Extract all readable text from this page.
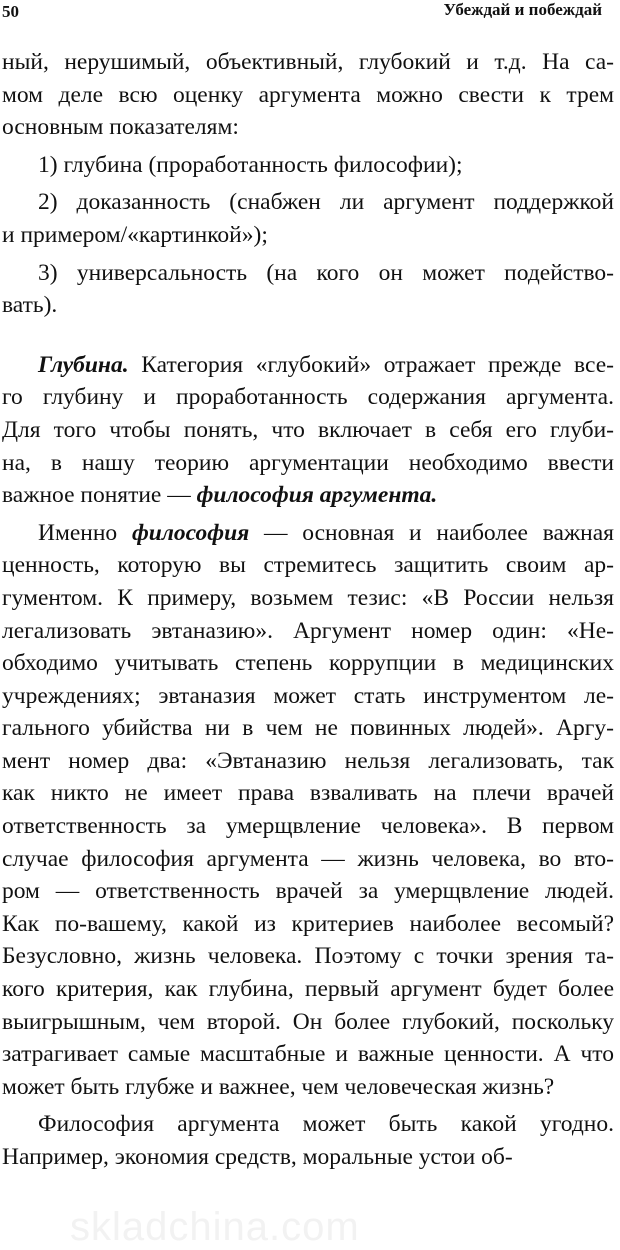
50	Убеждай и побеждай
ный, нерушимый, объективный, глубокий и т.д. На са-
мом деле всю оценку аргумента можно свести к трем
основным показателям:
1) глубина (проработанность философии);
2) доказанность (снабжен ли аргумент поддержкой
и примером/«картинкой»);
3) универсальность (на кого он может подейство-
вать).
Глубина. Категория «глубокий» отражает прежде все-
го глубину и проработанность содержания аргумента.
Для того чтобы понять, что включает в себя его глуби-
на, в нашу теорию аргументации необходимо ввести
важное понятие — философия аргумента.
Именно философия — основная и наиболее важная
ценность, которую вы стремитесь защитить своим ар-
гументом. К примеру, возьмем тезис: «В России нельзя
легализовать эвтаназию». Аргумент номер один: «Не-
обходимо учитывать степень коррупции в медицинских
учреждениях; эвтаназия может стать инструментом ле-
гального убийства ни в чем не повинных людей». Аргу-
мент номер два: «Эвтаназию нельзя легализовать, так
как никто не имеет права взваливать на плечи врачей
ответственность за умерщвление человека». В первом
случае философия аргумента — жизнь человека, во вто-
ром — ответственность врачей за умерщвление людей.
Как по-вашему, какой из критериев наиболее весомый?
Безусловно, жизнь человека. Поэтому с точки зрения та-
кого критерия, как глубина, первый аргумент будет более
выигрышным, чем второй. Он более глубокий, поскольку
затрагивает самые масштабные и важные ценности. А что
может быть глубже и важнее, чем человеческая жизнь?
Философия аргумента может быть какой угодно.
Например, экономия средств, моральные устои об-
skladchina.com
